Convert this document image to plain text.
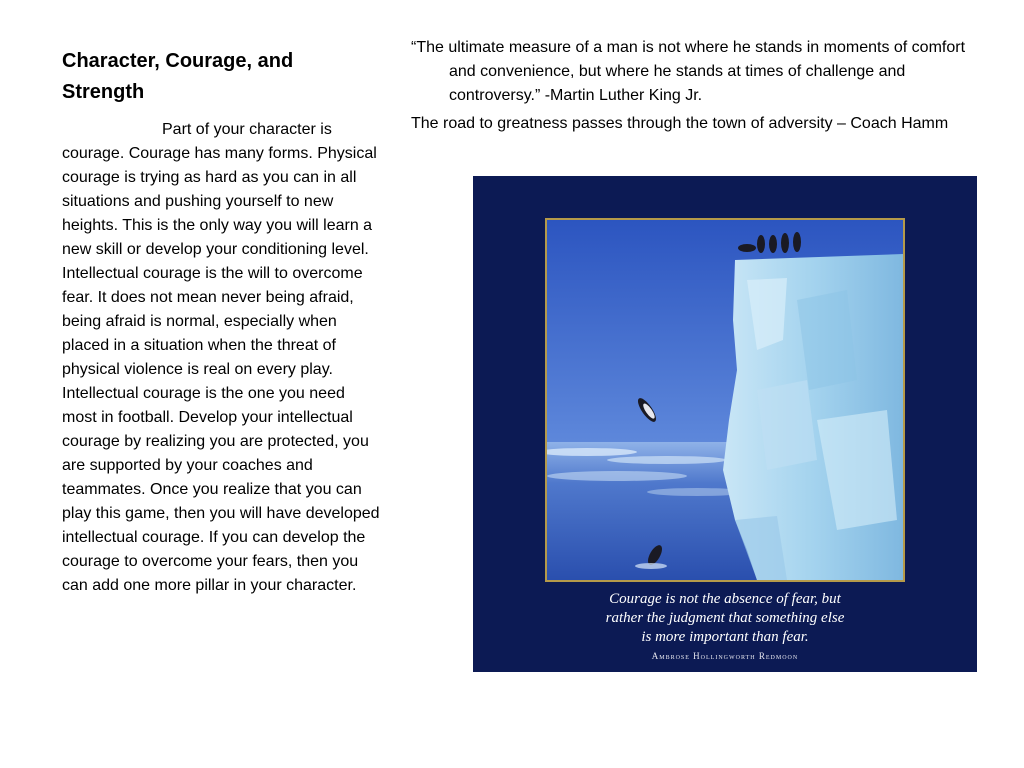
Character, Courage, and Strength

Part of your character is courage. Courage has many forms. Physical courage is trying as hard as you can in all situations and pushing yourself to new heights. This is the only way you will learn a new skill or develop your conditioning level. Intellectual courage is the will to overcome fear. It does not mean never being afraid, being afraid is normal, especially when placed in a situation when the threat of physical violence is real on every play. Intellectual courage is the one you need most in football. Develop your intellectual courage by realizing you are protected, you are supported by your coaches and teammates. Once you realize that you can play this game, then you will have developed intellectual courage. If you can develop the courage to overcome your fears, then you can add one more pillar in your character.

“The ultimate measure of a man is not where he stands in moments of comfort and convenience, but where he stands at times of challenge and controversy.” -Martin Luther King Jr.

The road to greatness passes through the town of adversity – Coach Hamm

Courage is not the absence of fear, but
rather the judgment that something else
is more important than fear.
Ambrose Hollingworth Redmoon
